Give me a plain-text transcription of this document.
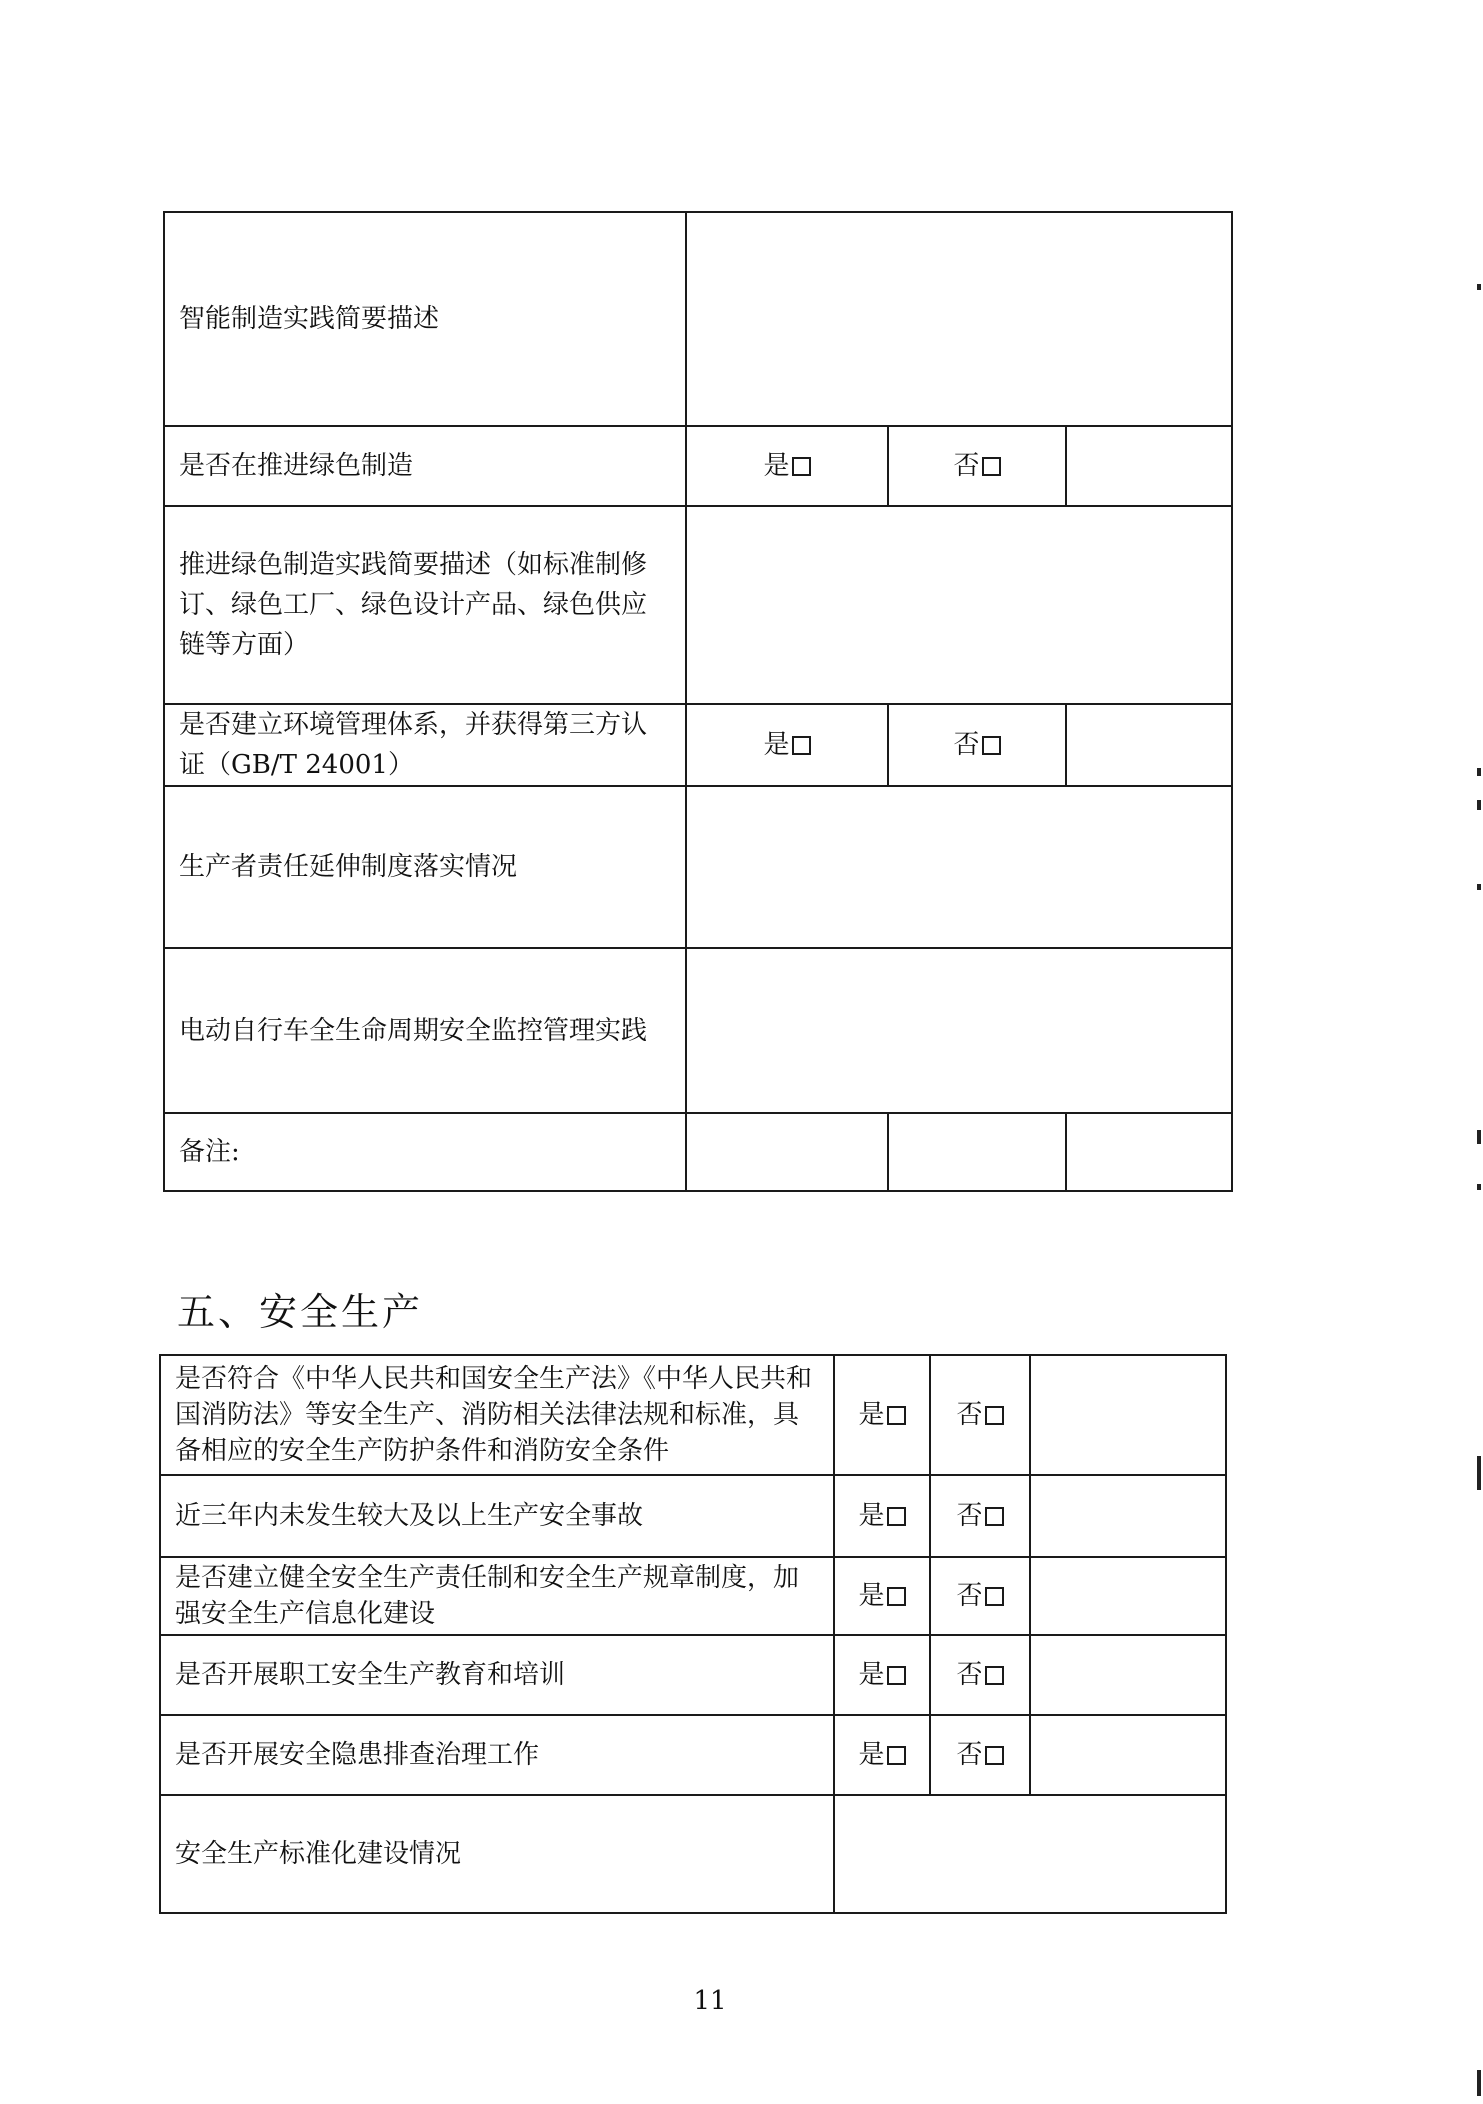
智能制造实践简要描述			
是否在推进绿色制造	是	否	
推进绿色制造实践简要描述（如标准制修订、绿色工厂、绿色设计产品、绿色供应链等方面）			
是否建立环境管理体系，并获得第三方认证（GB/T 24001）	是	否	
生产者责任延伸制度落实情况			
电动自行车全生命周期安全监控管理实践			
备注:			
五、安全生产
是否符合《中华人民共和国安全生产法》《中华人民共和国消防法》等安全生产、消防相关法律法规和标准，具备相应的安全生产防护条件和消防安全条件	是	否	
近三年内未发生较大及以上生产安全事故	是	否	
是否建立健全安全生产责任制和安全生产规章制度，加强安全生产信息化建设	是	否	
是否开展职工安全生产教育和培训	是	否	
是否开展安全隐患排查治理工作	是	否	
安全生产标准化建设情况			
11
